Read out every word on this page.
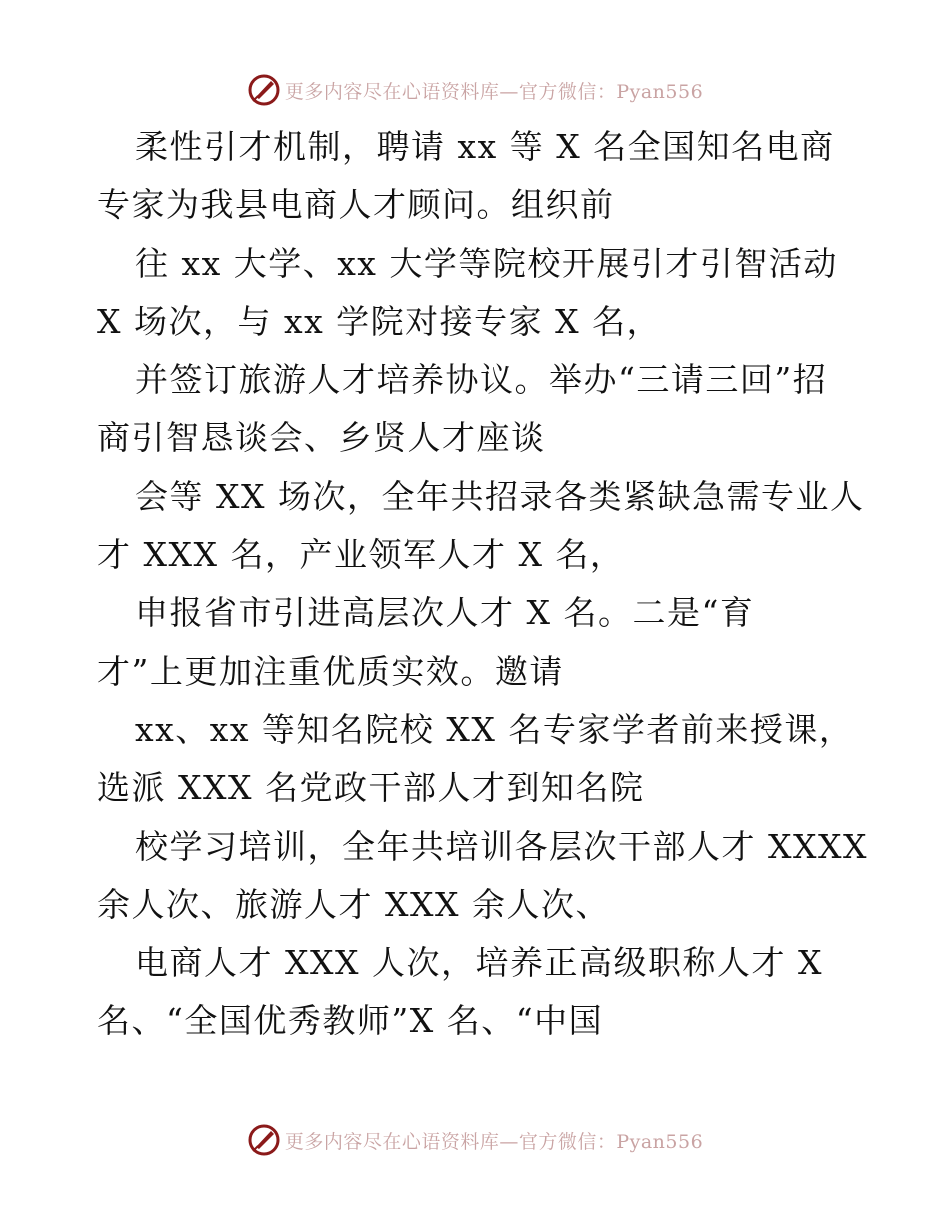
更多内容尽在心语资料库—官方微信：Pyan556
柔性引才机制，聘请 xx 等 X 名全国知名电商
专家为我县电商人才顾问。组织前
往 xx 大学、xx 大学等院校开展引才引智活动
X 场次，与 xx 学院对接专家 X 名，
并签订旅游人才培养协议。举办“三请三回”招
商引智恳谈会、乡贤人才座谈
会等 XX 场次，全年共招录各类紧缺急需专业人
才 XXX 名，产业领军人才 X 名，
申报省市引进高层次人才 X 名。二是“育
才”上更加注重优质实效。邀请
xx、xx 等知名院校 XX 名专家学者前来授课，
选派 XXX 名党政干部人才到知名院
校学习培训，全年共培训各层次干部人才 XXXX
余人次、旅游人才 XXX 余人次、
电商人才 XXX 人次，培养正高级职称人才 X
名、“全国优秀教师”X 名、“中国
更多内容尽在心语资料库—官方微信：Pyan556
